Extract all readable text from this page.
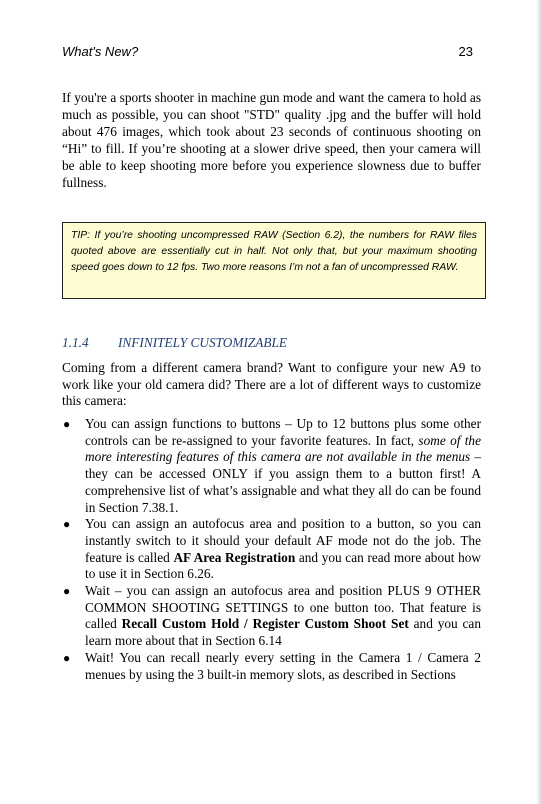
What's New?	23

If you're a sports shooter in machine gun mode and want the camera to hold as much as possible, you can shoot "STD" quality .jpg and the buffer will hold about 476 images, which took about 23 seconds of continuous shooting on “Hi” to fill. If you’re shooting at a slower drive speed, then your camera will be able to keep shooting more before you experience slowness due to buffer fullness.

TIP: If you’re shooting uncompressed RAW (Section 6.2), the numbers for RAW files quoted above are essentially cut in half. Not only that, but your maximum shooting speed goes down to 12 fps. Two more reasons I’m not a fan of uncompressed RAW.
1.1.4 INFINITELY CUSTOMIZABLE

Coming from a different camera brand? Want to configure your new A9 to work like your old camera did? There are a lot of different ways to customize this camera:

● You can assign functions to buttons – Up to 12 buttons plus some other controls can be re-assigned to your favorite features. In fact, some of the more interesting features of this camera are not available in the menus – they can be accessed ONLY if you assign them to a button first! A comprehensive list of what’s assignable and what they all do can be found in Section 7.38.1.
● You can assign an autofocus area and position to a button, so you can instantly switch to it should your default AF mode not do the job. The feature is called AF Area Registration and you can read more about how to use it in Section 6.26.
● Wait – you can assign an autofocus area and position PLUS 9 OTHER COMMON SHOOTING SETTINGS to one button too. That feature is called Recall Custom Hold / Register Custom Shoot Set and you can learn more about that in Section 6.14
● Wait! You can recall nearly every setting in the Camera 1 / Camera 2 menues by using the 3 built-in memory slots, as described in Sections
